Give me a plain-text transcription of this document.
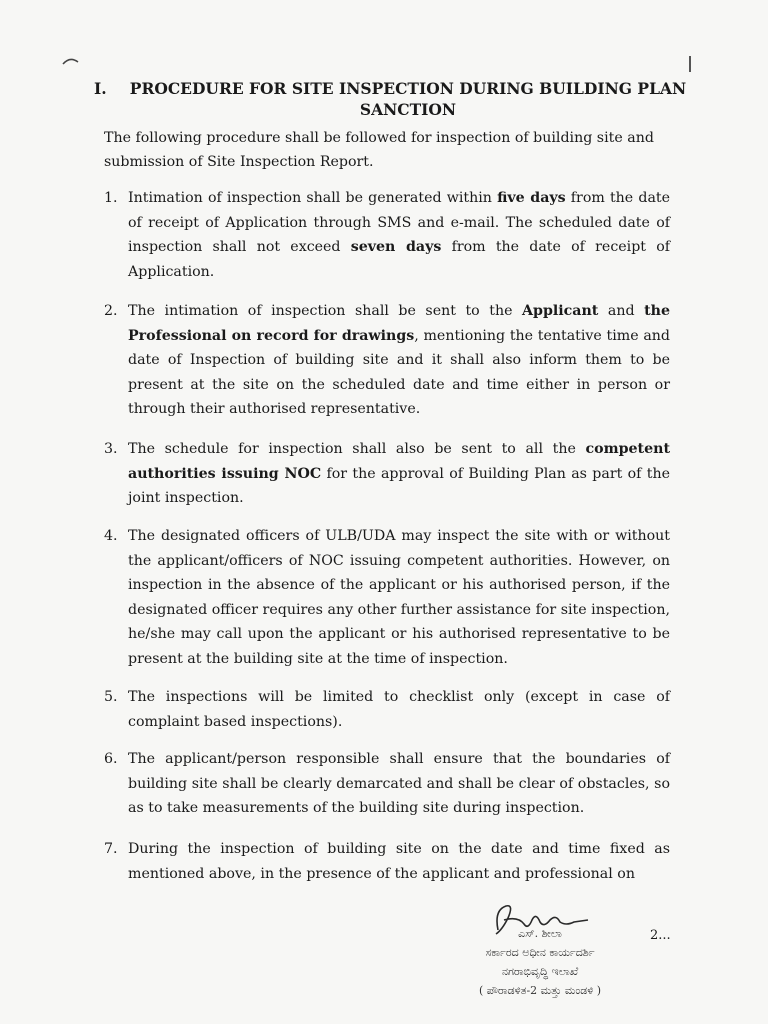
I.	PROCEDURE FOR SITE INSPECTION DURING BUILDING PLAN SANCTION
The following procedure shall be followed for inspection of building site and submission of Site Inspection Report.
1. Intimation of inspection shall be generated within five days from the date of receipt of Application through SMS and e-mail. The scheduled date of inspection shall not exceed seven days from the date of receipt of Application.
2. The intimation of inspection shall be sent to the Applicant and the Professional on record for drawings, mentioning the tentative time and date of Inspection of building site and it shall also inform them to be present at the site on the scheduled date and time either in person or through their authorised representative.
3. The schedule for inspection shall also be sent to all the competent authorities issuing NOC for the approval of Building Plan as part of the joint inspection.
4. The designated officers of ULB/UDA may inspect the site with or without the applicant/officers of NOC issuing competent authorities. However, on inspection in the absence of the applicant or his authorised person, if the designated officer requires any other further assistance for site inspection, he/she may call upon the applicant or his authorised representative to be present at the building site at the time of inspection.
5. The inspections will be limited to checklist only (except in case of complaint based inspections).
6. The applicant/person responsible shall ensure that the boundaries of building site shall be clearly demarcated and shall be clear of obstacles, so as to take measurements of the building site during inspection.
7. During the inspection of building site on the date and time fixed as mentioned above, in the presence of the applicant and professional on
2...
ಎಸ್. ಶೀಲಾ
ಸರ್ಕಾರದ ಅಧೀನ ಕಾರ್ಯದರ್ಶಿ
ನಗರಾಭಿವೃದ್ಧಿ ಇಲಾಖೆ
( ಪೌರಾಡಳಿತ-2 ಮತ್ತು ಮಂಡಳಿ )
